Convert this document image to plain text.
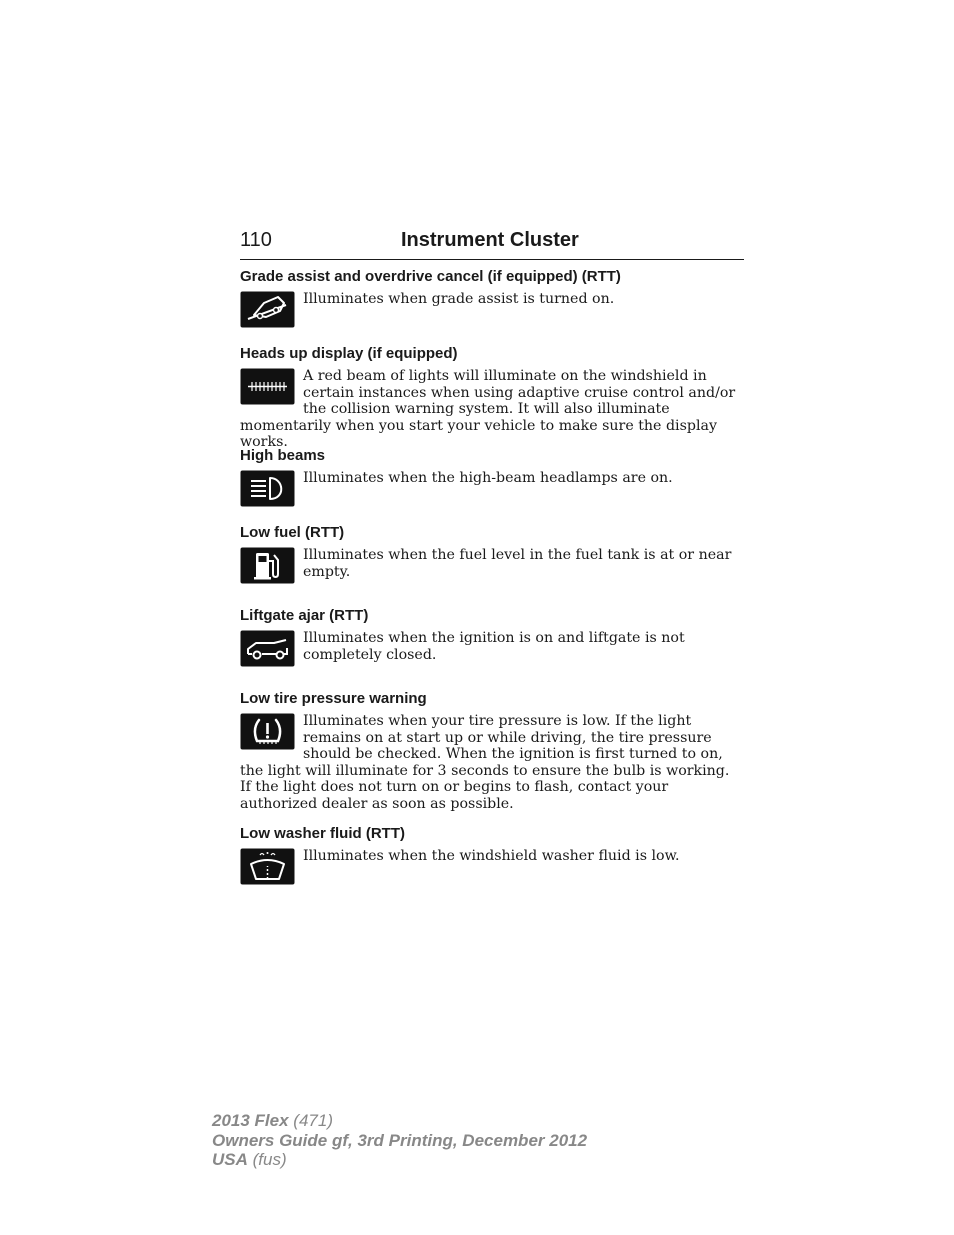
110	Instrument Cluster
Grade assist and overdrive cancel (if equipped) (RTT)
Illuminates when grade assist is turned on.
Heads up display (if equipped)
A red beam of lights will illuminate on the windshield in certain instances when using adaptive cruise control and/or the collision warning system. It will also illuminate momentarily when you start your vehicle to make sure the display works.
High beams
Illuminates when the high-beam headlamps are on.
Low fuel (RTT)
Illuminates when the fuel level in the fuel tank is at or near empty.
Liftgate ajar (RTT)
Illuminates when the ignition is on and liftgate is not completely closed.
Low tire pressure warning
Illuminates when your tire pressure is low. If the light remains on at start up or while driving, the tire pressure should be checked. When the ignition is first turned to on, the light will illuminate for 3 seconds to ensure the bulb is working. If the light does not turn on or begins to flash, contact your authorized dealer as soon as possible.
Low washer fluid (RTT)
Illuminates when the windshield washer fluid is low.
2013 Flex (471)
Owners Guide gf, 3rd Printing, December 2012
USA (fus)
